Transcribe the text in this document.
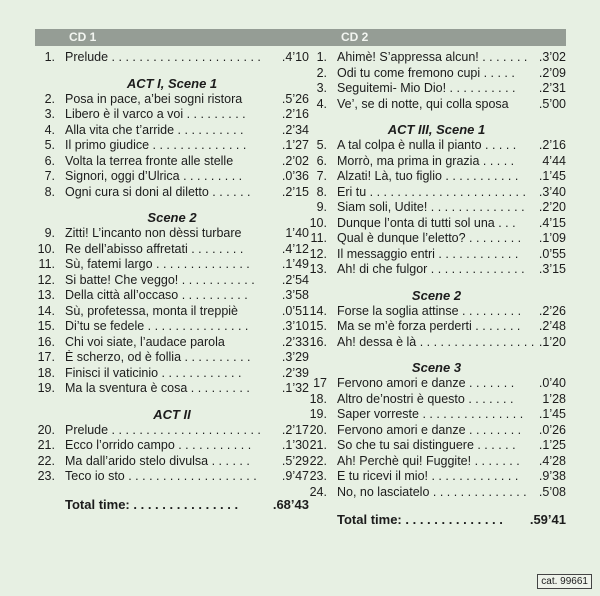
CD 1
1. Prelude . . . . . . . . . . . . . . . . . . . . . .	.4’10
ACT I, Scene 1
2. Posa in pace, a’bei sogni ristora	.5’26
3. Libero è il varco a voi . . . . . . . . .	.2’16
4. Alla vita che t’arride . . . . . . . . . .	.2’34
5. Il primo giudice . . . . . . . . . . . . . .	.1’27
6. Volta la terrea fronte alle stelle	.2’02
7. Signori, oggi d’Ulrica . . . . . . . . .	.0’36
8. Ogni cura si doni al diletto . . . . . .	.2’15
Scene 2
9. Zitti! L’incanto non dèssi turbare	1’40
10. Re dell’abisso affretati . . . . . . . .	.4’12
11. Sù, fatemi largo . . . . . . . . . . . . . .	.1’49
12. Si batte! Che veggo! . . . . . . . . . . .	.2’54
13. Della città all’occaso . . . . . . . . . .	.3’58
14. Sù, profetessa, monta il treppiè	.0’51
15. Di’tu se fedele . . . . . . . . . . . . . . .	.3’10
16. Chi voi siate, l’audace parola	.2’33
17. È scherzo, od è follia . . . . . . . . . .	.3’29
18. Finisci il vaticinio . . . . . . . . . . . .	.2’39
19. Ma la sventura è cosa . . . . . . . . .	.1’32
ACT II
20. Prelude . . . . . . . . . . . . . . . . . . . . . .	.2’17
21. Ecco l’orrido campo . . . . . . . . . . .	.1’30
22. Ma dall’arido stelo divulsa . . . . . .	.5’29
23. Teco io sto . . . . . . . . . . . . . . . . . . .	.9’47
Total time: . . . . . . . . . . . . . . .	.68’43
CD 2
1. Ahimè! S’appressa alcun! . . . . . . . .3’02
2. Odi tu come fremono cupi . . . . .	.2’09
3. Seguitemi- Mio Dio! . . . . . . . . . .	.2’31
4. Ve’, se di notte, qui colla sposa	.5’00
ACT III, Scene 1
5. A tal colpa è nulla il pianto . . . . .	.2’16
6. Morrò, ma prima in grazia . . . . .	4’44
7. Alzati! Là, tuo figlio . . . . . . . . . . .	.1’45
8. Eri tu . . . . . . . . . . . . . . . . . . . . . . .	.3’40
9. Siam soli, Udite! . . . . . . . . . . . . . .	.2’20
10. Dunque l’onta di tutti sol una . . .	.4’15
11. Qual è dunque l’eletto? . . . . . . . .	.1’09
12. Il messaggio entri . . . . . . . . . . . .	.0’55
13. Ah! di che fulgor . . . . . . . . . . . . . .	.3’15
Scene 2
14. Forse la soglia attinse . . . . . . . . .	.2’26
15. Ma se m’è forza perderti . . . . . . .	.2’48
16. Ah! dessa è là . . . . . . . . . . . . . . . . . .1’20
Scene 3
17 Fervono amori e danze . . . . . . .	.0’40
18. Altro de’nostri è questo . . . . . . .	1’28
19. Saper vorreste . . . . . . . . . . . . . . .	.1’45
20. Fervono amori e danze . . . . . . . .	.0’26
21. So che tu sai distinguere . . . . . .	.1’25
22. Ah! Perchè qui! Fuggite! . . . . . . .	.4’28
23. E tu ricevi il mio! . . . . . . . . . . . . .	.9’38
24. No, no lasciatelo . . . . . . . . . . . . . . .5’08
Total time: . . . . . . . . . . . . . .	.59’41
cat. 99661
